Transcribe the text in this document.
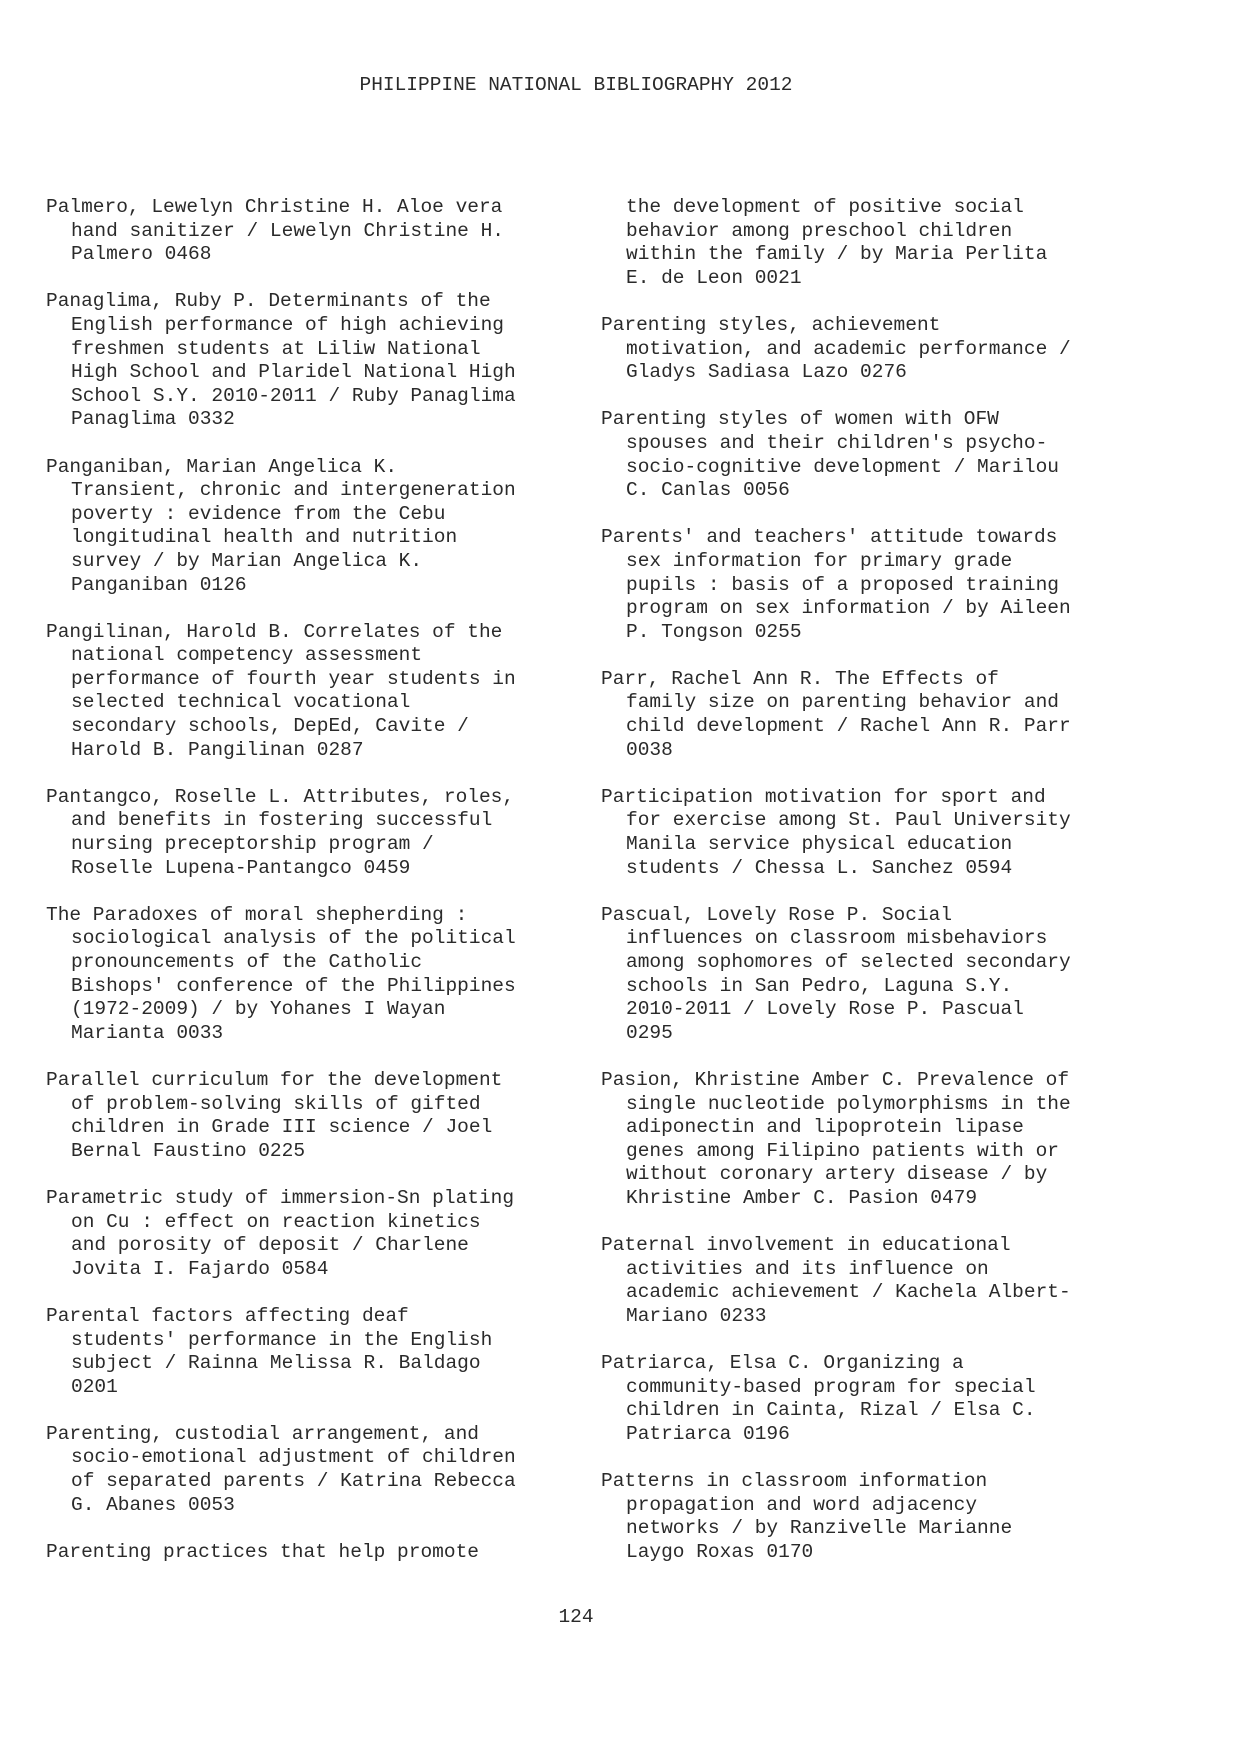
PHILIPPINE NATIONAL BIBLIOGRAPHY 2012

Palmero, Lewelyn Christine H. Aloe vera
hand sanitizer / Lewelyn Christine H.
Palmero 0468

Panaglima, Ruby P. Determinants of the
English performance of high achieving
freshmen students at Liliw National
High School and Plaridel National High
School S.Y. 2010-2011 / Ruby Panaglima
Panaglima 0332

Panganiban, Marian Angelica K.
Transient, chronic and intergeneration
poverty : evidence from the Cebu
longitudinal health and nutrition
survey / by Marian Angelica K.
Panganiban 0126

Pangilinan, Harold B. Correlates of the
national competency assessment
performance of fourth year students in
selected technical vocational
secondary schools, DepEd, Cavite /
Harold B. Pangilinan 0287

Pantangco, Roselle L. Attributes, roles,
and benefits in fostering successful
nursing preceptorship program /
Roselle Lupena-Pantangco 0459

The Paradoxes of moral shepherding :
sociological analysis of the political
pronouncements of the Catholic
Bishops' conference of the Philippines
(1972-2009) / by Yohanes I Wayan
Marianta 0033

Parallel curriculum for the development
of problem-solving skills of gifted
children in Grade III science / Joel
Bernal Faustino 0225

Parametric study of immersion-Sn plating
on Cu : effect on reaction kinetics
and porosity of deposit / Charlene
Jovita I. Fajardo 0584

Parental factors affecting deaf
students' performance in the English
subject / Rainna Melissa R. Baldago
0201

Parenting, custodial arrangement, and
socio-emotional adjustment of children
of separated parents / Katrina Rebecca
G. Abanes 0053

Parenting practices that help promote

the development of positive social
behavior among preschool children
within the family / by Maria Perlita
E. de Leon 0021

Parenting styles, achievement
motivation, and academic performance /
Gladys Sadiasa Lazo 0276

Parenting styles of women with OFW
spouses and their children's psycho-
socio-cognitive development / Marilou
C. Canlas 0056

Parents' and teachers' attitude towards
sex information for primary grade
pupils : basis of a proposed training
program on sex information / by Aileen
P. Tongson 0255

Parr, Rachel Ann R. The Effects of
family size on parenting behavior and
child development / Rachel Ann R. Parr
0038

Participation motivation for sport and
for exercise among St. Paul University
Manila service physical education
students / Chessa L. Sanchez 0594

Pascual, Lovely Rose P. Social
influences on classroom misbehaviors
among sophomores of selected secondary
schools in San Pedro, Laguna S.Y.
2010-2011 / Lovely Rose P. Pascual
0295

Pasion, Khristine Amber C. Prevalence of
single nucleotide polymorphisms in the
adiponectin and lipoprotein lipase
genes among Filipino patients with or
without coronary artery disease / by
Khristine Amber C. Pasion 0479

Paternal involvement in educational
activities and its influence on
academic achievement / Kachela Albert-
Mariano 0233

Patriarca, Elsa C. Organizing a
community-based program for special
children in Cainta, Rizal / Elsa C.
Patriarca 0196

Patterns in classroom information
propagation and word adjacency
networks / by Ranzivelle Marianne
Laygo Roxas 0170

124
